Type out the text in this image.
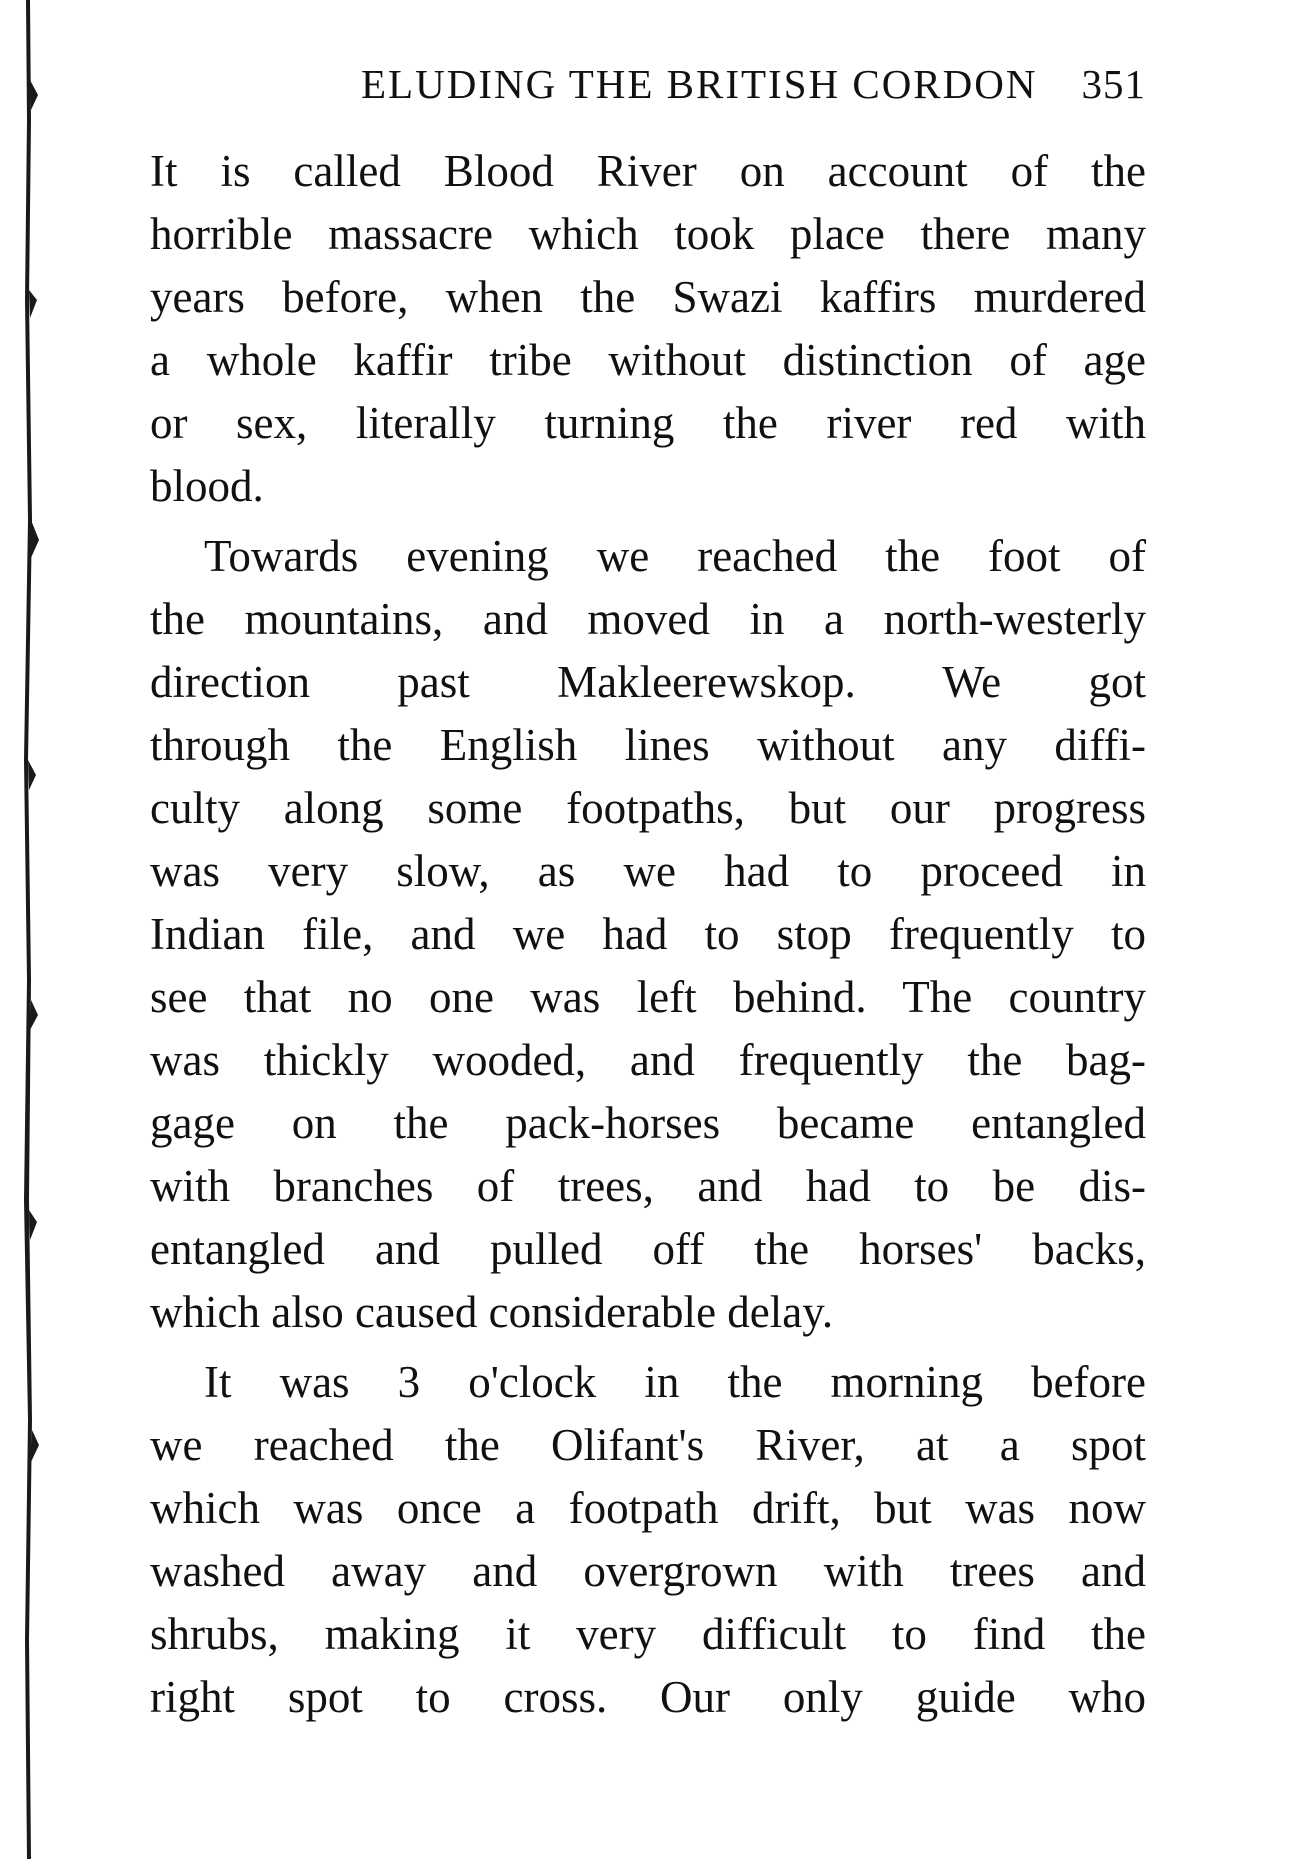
ELUDING THE BRITISH CORDON 351

It is called Blood River on account of the
horrible massacre which took place there many
years before, when the Swazi kaffirs murdered
a whole kaffir tribe without distinction of age
or sex, literally turning the river red with
blood.

Towards evening we reached the foot of
the mountains, and moved in a north-westerly
direction past Makleerewskop. We got
through the English lines without any diffi-
culty along some footpaths, but our progress
was very slow, as we had to proceed in
Indian file, and we had to stop frequently to
see that no one was left behind. The country
was thickly wooded, and frequently the bag-
gage on the pack-horses became entangled
with branches of trees, and had to be dis-
entangled and pulled off the horses' backs,
which also caused considerable delay.

It was 3 o'clock in the morning before
we reached the Olifant's River, at a spot
which was once a footpath drift, but was now
washed away and overgrown with trees and
shrubs, making it very difficult to find the
right spot to cross. Our only guide who
